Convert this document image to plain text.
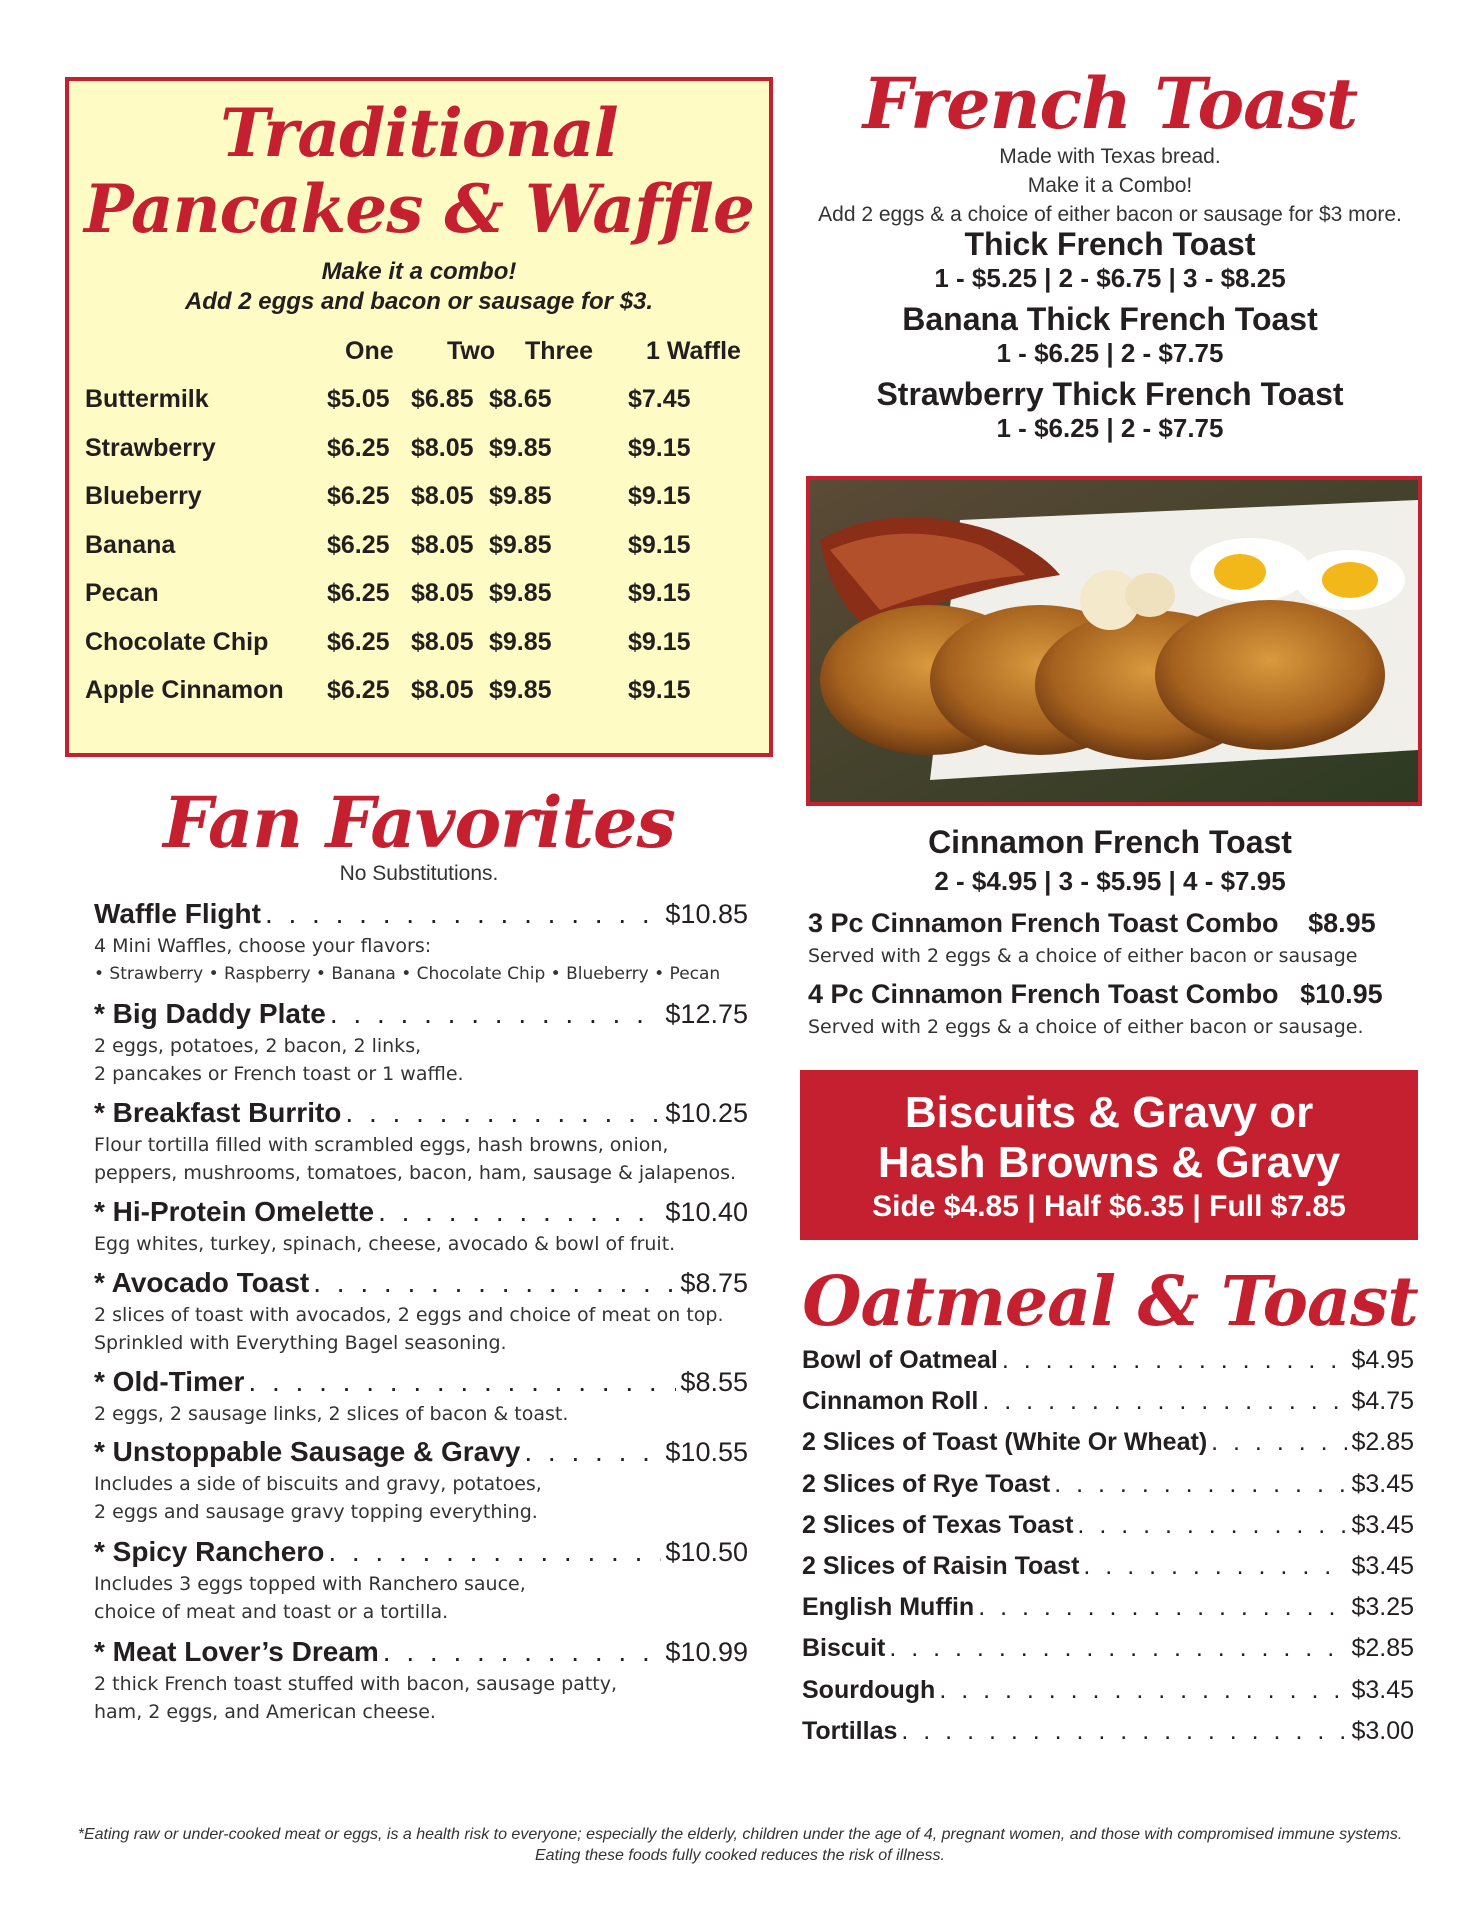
Traditional
Pancakes & Waffle
Make it a combo!
Add 2 eggs and bacon or sausage for $3.
One Two Three 1 Waffle
Buttermilk	$5.05 $6.85 $8.65	$7.45
Strawberry	$6.25 $8.05 $9.85	$9.15
Blueberry	$6.25 $8.05 $9.85	$9.15
Banana	$6.25 $8.05 $9.85	$9.15
Pecan	$6.25 $8.05 $9.85	$9.15
Chocolate Chip $6.25 $8.05 $9.85	$9.15
Apple Cinnamon $6.25 $8.05 $9.85	$9.15
French Toast
Made with Texas bread.
Make it a Combo!
Add 2 eggs & a choice of either bacon or sausage for $3 more.
Thick French Toast
1 - $5.25 | 2 - $6.75 | 3 - $8.25
Banana Thick French Toast
1 - $6.25 | 2 - $7.75
Strawberry Thick French Toast
1 - $6.25 | 2 - $7.75
Cinnamon French Toast
2 - $4.95 | 3 - $5.95 | 4 - $7.95
3 Pc Cinnamon French Toast Combo $8.95
Served with 2 eggs & a choice of either bacon or sausage
4 Pc Cinnamon French Toast Combo $10.95
Served with 2 eggs & a choice of either bacon or sausage.
Biscuits & Gravy or
Hash Browns & Gravy
Side $4.85 | Half $6.35 | Full $7.85
Oatmeal & Toast
Bowl of Oatmeal . . .	$4.95
Cinnamon Roll . . .	$4.75
2 Slices of Toast (White Or Wheat) . . .	$2.85
2 Slices of Rye Toast . . .	$3.45
2 Slices of Texas Toast . . .	$3.45
2 Slices of Raisin Toast . . .	$3.45
English Muffin . . .	$3.25
Biscuit . . .	$2.85
Sourdough . . .	$3.45
Tortillas . . .	$3.00
Fan Favorites
No Substitutions.
Waffle Flight . . .	$10.85
4 Mini Waffles, choose your flavors:
• Strawberry • Raspberry • Banana • Chocolate Chip • Blueberry • Pecan
* Big Daddy Plate . . .	$12.75
2 eggs, potatoes, 2 bacon, 2 links,
2 pancakes or French toast or 1 waffle.
* Breakfast Burrito . . .	$10.25
Flour tortilla filled with scrambled eggs, hash browns, onion,
peppers, mushrooms, tomatoes, bacon, ham, sausage & jalapenos.
* Hi-Protein Omelette . . .	$10.40
Egg whites, turkey, spinach, cheese, avocado & bowl of fruit.
* Avocado Toast . . .	$8.75
2 slices of toast with avocados, 2 eggs and choice of meat on top.
Sprinkled with Everything Bagel seasoning.
* Old-Timer . . .	$8.55
2 eggs, 2 sausage links, 2 slices of bacon & toast.
* Unstoppable Sausage & Gravy . . .	$10.55
Includes a side of biscuits and gravy, potatoes,
2 eggs and sausage gravy topping everything.
* Spicy Ranchero . . .	$10.50
Includes 3 eggs topped with Ranchero sauce,
choice of meat and toast or a tortilla.
* Meat Lover’s Dream . . .	$10.99
2 thick French toast stuffed with bacon, sausage patty,
ham, 2 eggs, and American cheese.
*Eating raw or under-cooked meat or eggs, is a health risk to everyone; especially the elderly, children under the age of 4, pregnant women, and those with compromised immune systems.
Eating these foods fully cooked reduces the risk of illness.
